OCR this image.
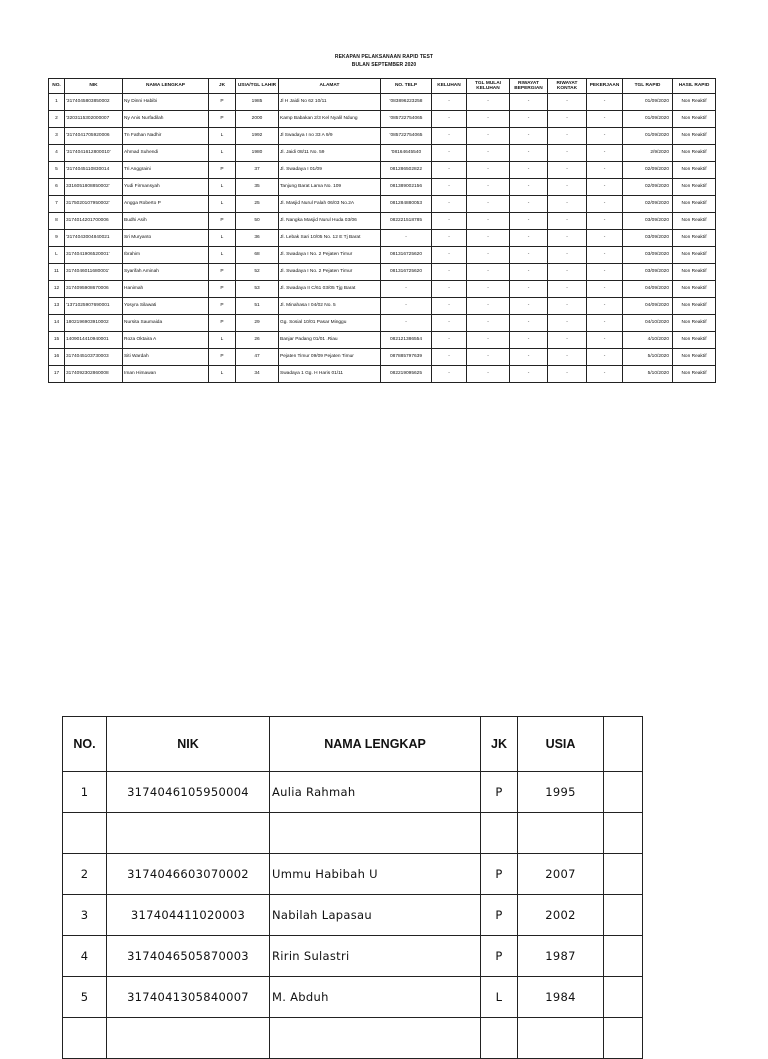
REKAPAN PELAKSANAAN RAPID TEST
BULAN SEPTEMBER 2020
NO.	NIK	NAMA LENGKAP	JK	USIA/TGL LAHIR	ALAMAT	NO. TELP	KELUHAN	TGL MULAI KELUHAN	RIWAYAT BEPERGIAN	RIWAYAT KONTAK	PEKERJAAN	TGL RAPID	HASIL RAPID
1	'3174045803850002	Ny Dinni Habibi	P	1985	Jl H Jaidi No 62 10/11	'083896223258	-	-	-	-	-	01/09/2020	Non Reaktif
2	'3203115302000007	Ny Anis Nurfadilah	P	2000	Kamp Babakan 2/3 Kel Nyalil Ndung	'085722754065	-	-	-	-	-	01/09/2020	Non Reaktif
3	'3174041705920006	Tn Fathan Nadhir	L	1992	Jl Swadaya I no 33 A 9/9	'085722754065	-	-	-	-	-	01/09/2020	Non Reaktif
4	'3174041612800010'	Ahmad Suhendi	L	1980	Jl. Jaidi 08/11 No. 59	'08164645540	-	-	-	-	-	2/9/2020	Non Reaktif
5	'3174045110830014	Tri Anggraini	P	37	Jl. Swadaya I 01/09	081286502822	-	-	-	-	-	02/09/2020	Non Reaktif
6	3316051808850002'	Yudi Firmansyah	L	35	Tanjung Barat Lama No. 109	081389002156	-	-	-	-	-	02/09/2020	Non Reaktif
7	3175020107950002'	Angga Roberto P	L	25	Jl. Masjid Nurul Falah 06/03 No.2A	081284880053	-	-	-	-	-	02/09/2020	Non Reaktif
8	3174014201700006	Budhi Asih	P	50	Jl. Nangka Masjid Nurul Huda 03/06	082221518785	-	-	-	-	-	03/09/2020	Non Reaktif
9	'3174043004840021	Sri Muryanto	L	36	Jl. Lebak Sari 10/05 No. 12 E Tj Barat	-	-	-	-	-	-	03/09/2020	Non Reaktif
L	3174041906520001'	Ibrahim	L	68	Jl. Swadaya I No. 2 Pejaten Timur	081316725620	-	-	-	-	-	03/09/2020	Non Reaktif
11	3174046011680001'	Syarifah Aminah	P	52	Jl. Swadaya I No. 2 Pejaten Timur	081316725620	-	-	-	-	-	03/09/2020	Non Reaktif
12	3174095908670006	Hanimah	P	53	Jl. Swadaya II C/61 03/05 Tjg Barat	-	-	-	-	-	-	04/09/2020	Non Reaktif
13	'1371025907690001	Yosyra Silawati	P	51	Jl. Minahasa I 04/02 No. 5	-	-	-	-	-	-	04/09/2020	Non Reaktif
14	1802196903910002	Nursita Saumaida	P	29	Gg. Sosial 10/01 Pasar Minggu	-	-	-	-	-	-	04/10/2020	Non Reaktif
15	1409014410940001	Roza Oktaira A	L	26	Banjar Padang 01/01 .Riau	082121386554	-	-	-	-	-	4/10/2020	Non Reaktif
16	3174045103730003	Siti Wardah	P	47	Pejaten Timur 09/09 Pejaten Timur	087885797639	-	-	-	-	-	5/10/2020	Non Reaktif
17	3174092302860008	Iman Himawan	L	34	Swadaya 1 Gg. H Haris 01/11	082219095625	-	-	-	-	-	5/10/2020	Non Reaktif
NO.	NIK	NAMA LENGKAP	JK	USIA	
1	3174046105950004	Aulia Rahmah	P	1995	

2	3174046603070002	Ummu Habibah U	P	2007	
3	317404411020003	Nabilah Lapasau	P	2002	
4	3174046505870003	Ririn Sulastri	P	1987	
5	3174041305840007	M. Abduh	L	1984	
